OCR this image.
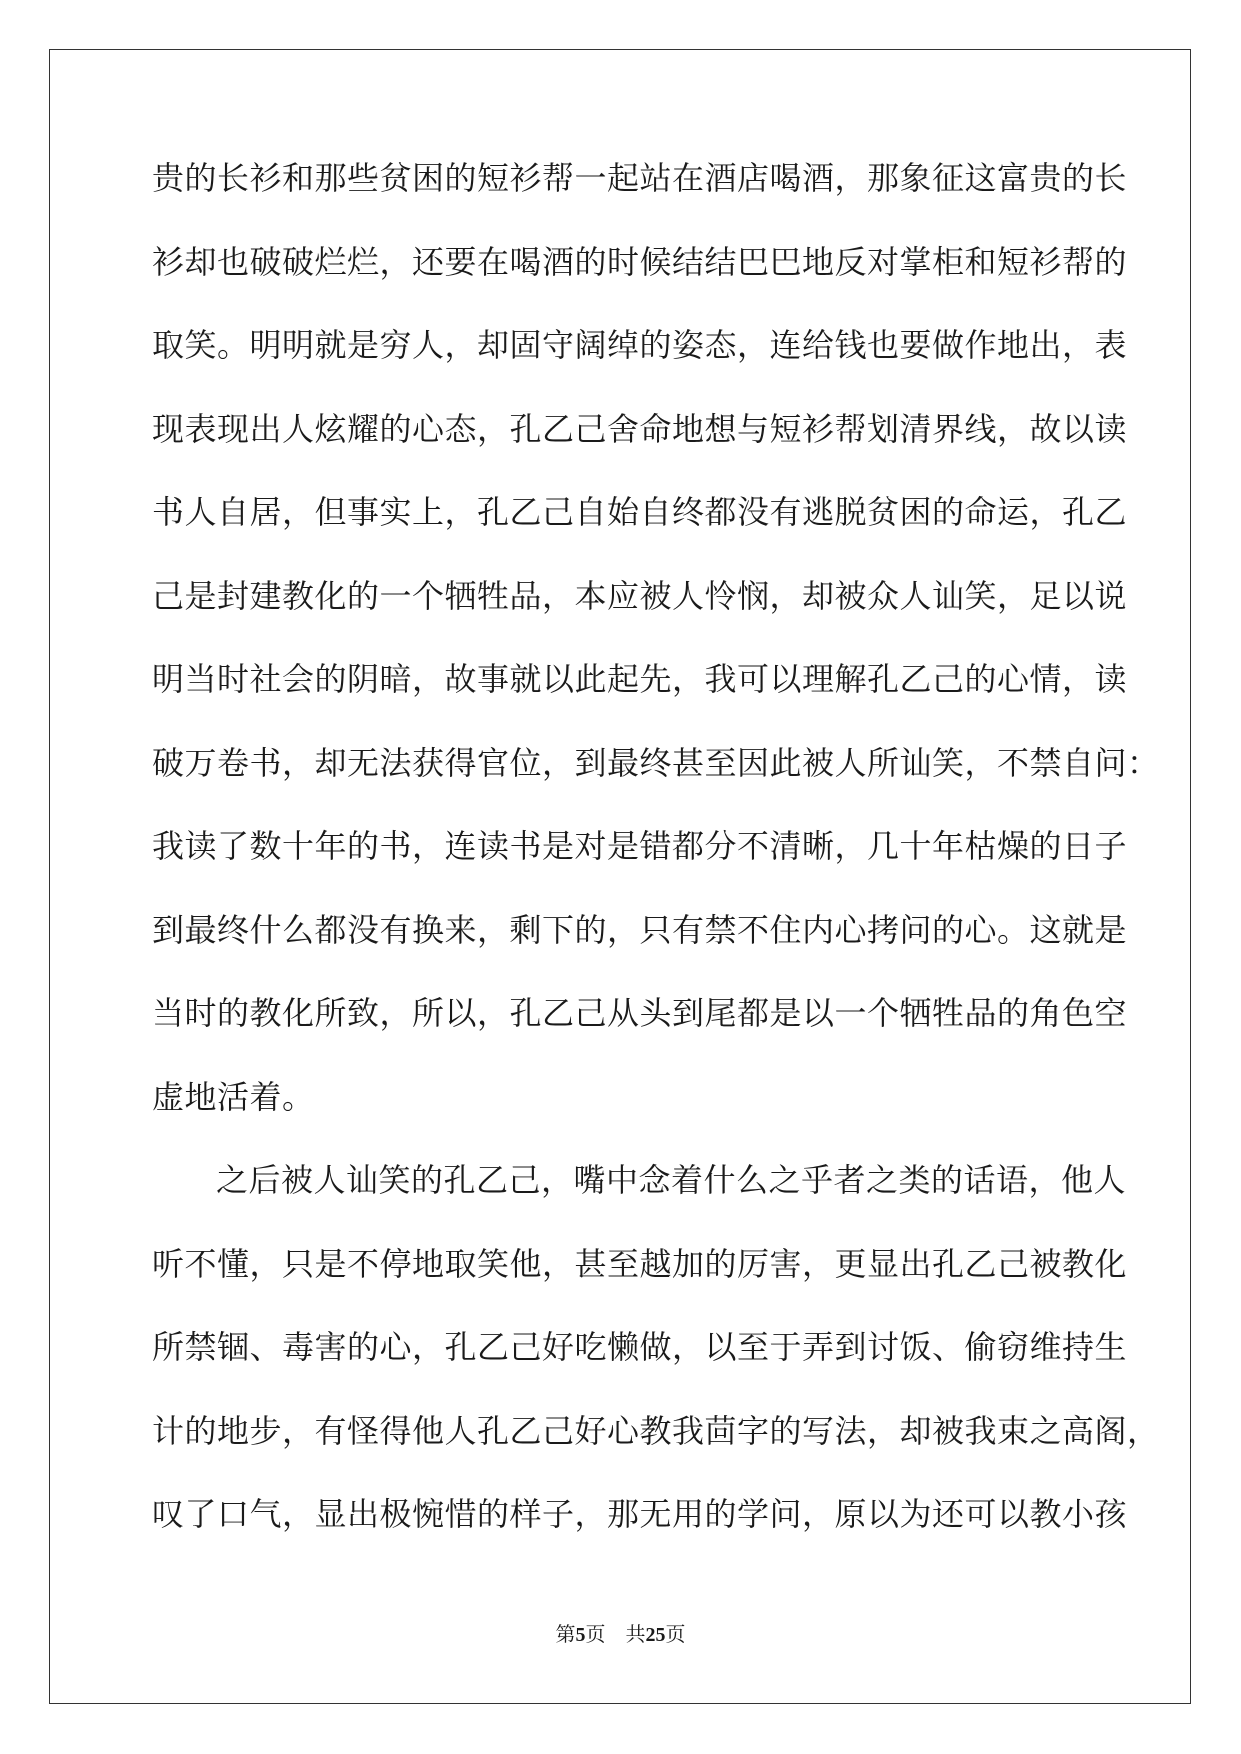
贵的长衫和那些贫困的短衫帮一起站在酒店喝酒，那象征这富贵的长
衫却也破破烂烂，还要在喝酒的时候结结巴巴地反对掌柜和短衫帮的
取笑。明明就是穷人，却固守阔绰的姿态，连给钱也要做作地出，表
现表现出人炫耀的心态，孔乙己舍命地想与短衫帮划清界线，故以读
书人自居，但事实上，孔乙己自始自终都没有逃脱贫困的命运，孔乙
己是封建教化的一个牺牲品，本应被人怜悯，却被众人讪笑，足以说
明当时社会的阴暗，故事就以此起先，我可以理解孔乙己的心情，读
破万卷书，却无法获得官位，到最终甚至因此被人所讪笑，不禁自问：
我读了数十年的书，连读书是对是错都分不清晰，几十年枯燥的日子
到最终什么都没有换来，剩下的，只有禁不住内心拷问的心。这就是
当时的教化所致，所以，孔乙己从头到尾都是以一个牺牲品的角色空
虚地活着。
之后被人讪笑的孔乙己，嘴中念着什么之乎者之类的话语，他人
听不懂，只是不停地取笑他，甚至越加的厉害，更显出孔乙己被教化
所禁锢、毒害的心，孔乙己好吃懒做，以至于弄到讨饭、偷窃维持生
计的地步，有怪得他人孔乙己好心教我茴字的写法，却被我束之高阁，
叹了口气，显出极惋惜的样子，那无用的学问，原以为还可以教小孩
第5页 共25页
